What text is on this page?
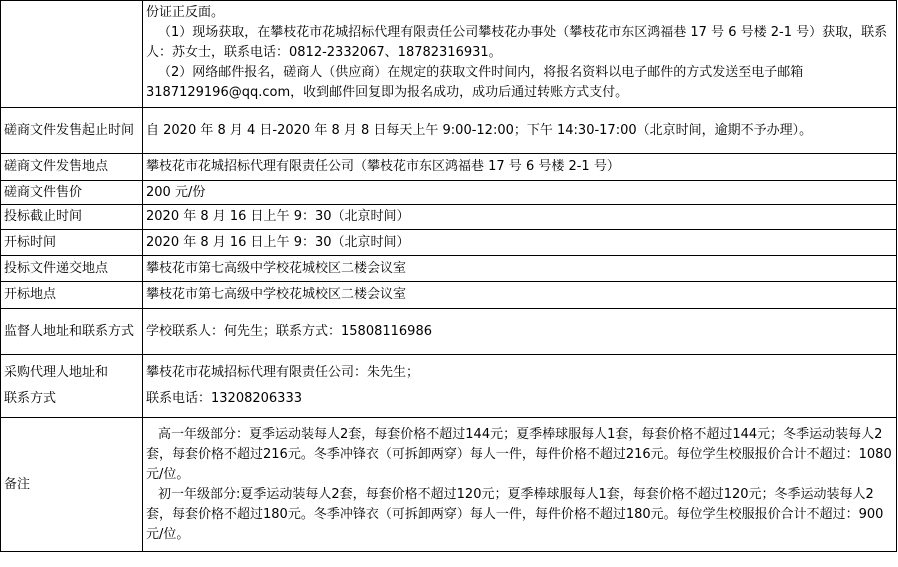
	份证正反面。
（1）现场获取，在攀枝花市花城招标代理有限责任公司攀枝花办事处（攀枝花市东区鸿福巷 17 号 6 号楼 2-1 号）获取，联系人：苏女士，联系电话：0812-2332067、18782316931。
（2）网络邮件报名，磋商人（供应商）在规定的获取文件时间内，将报名资料以电子邮件的方式发送至电子邮箱 3187129196@qq.com，收到邮件回复即为报名成功，成功后通过转账方式支付。

磋商文件发售起止时间	自 2020 年 8 月 4 日-2020 年 8 月 8 日每天上午 9:00-12:00；下午 14:30-17:00（北京时间，逾期不予办理）。
磋商文件发售地点	攀枝花市花城招标代理有限责任公司（攀枝花市东区鸿福巷 17 号 6 号楼 2-1 号）
磋商文件售价	200 元/份
投标截止时间	2020 年 8 月 16 日上午 9：30（北京时间）
开标时间	2020 年 8 月 16 日上午 9：30（北京时间）
投标文件递交地点	攀枝花市第七高级中学校花城校区二楼会议室
开标地点	攀枝花市第七高级中学校花城校区二楼会议室
监督人地址和联系方式	学校联系人：何先生；联系方式：15808116986

采购代理人地址和
联系方式	攀枝花市花城招标代理有限责任公司：朱先生；
联系电话：13208206333

备注	高一年级部分：夏季运动装每人2套，每套价格不超过144元；夏季棒球服每人1套，每套价格不超过144元；冬季运动装每人2套，每套价格不超过216元。冬季冲锋衣（可拆卸两穿）每人一件，每件价格不超过216元。每位学生校服报价合计不超过：1080元/位。
初一年级部分:夏季运动装每人2套，每套价格不超过120元；夏季棒球服每人1套，每套价格不超过120元；冬季运动装每人2套，每套价格不超过180元。冬季冲锋衣（可拆卸两穿）每人一件，每件价格不超过180元。每位学生校服报价合计不超过：900元/位。
